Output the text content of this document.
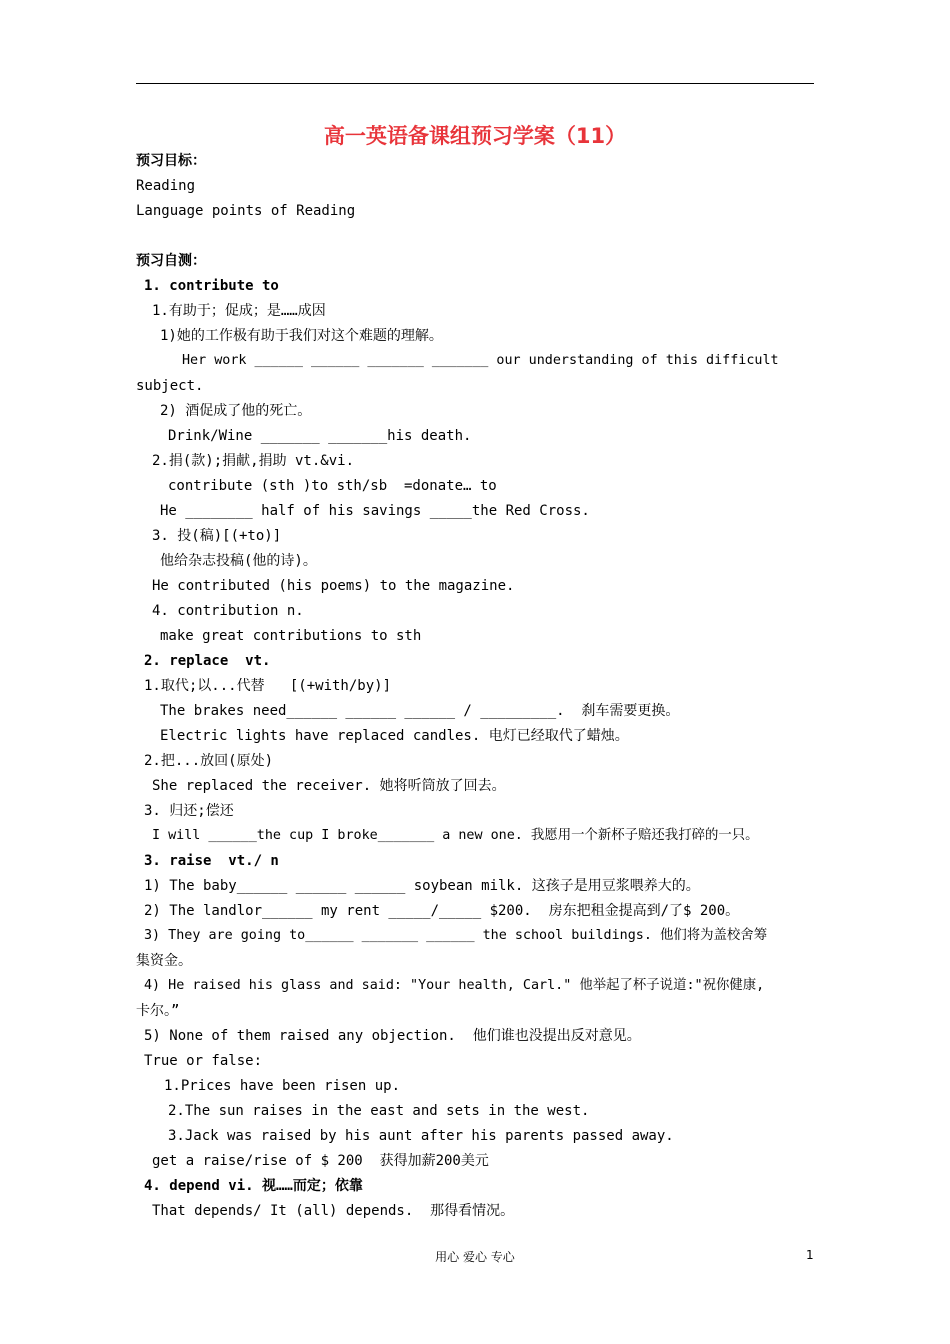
高一英语备课组预习学案（11）
预习目标：
Reading
Language points of Reading
预习自测：
1. contribute to
1.有助于；促成；是……成因
1)她的工作极有助于我们对这个难题的理解。
Her work ______ ______ _______ _______ our understanding of this difficult
subject.
2) 酒促成了他的死亡。
Drink/Wine _______ _______his death.
2.捐(款);捐献,捐助 vt.&vi.
contribute (sth )to sth/sb  =donate… to
He ________ half of his savings _____the Red Cross.
3. 投(稿)[(+to)]
他给杂志投稿(他的诗)。
He contributed (his poems) to the magazine.
4. contribution n.
make great contributions to sth
2. replace  vt.
1.取代;以...代替   [(+with/by)]
The brakes need______ ______ ______ / _________.  刹车需要更换。
Electric lights have replaced candles. 电灯已经取代了蜡烛。
2.把...放回(原处)
She replaced the receiver. 她将听筒放了回去。
3. 归还;偿还
I will ______the cup I broke_______ a new one. 我愿用一个新杯子赔还我打碎的一只。
3. raise  vt./ n
1) The baby______ ______ ______ soybean milk. 这孩子是用豆浆喂养大的。
2) The landlor______ my rent _____/_____ $200.  房东把租金提高到/了$ 200。
3) They are going to______ _______ ______ the school buildings. 他们将为盖校舍筹
集资金。
4) He raised his glass and said: "Your health, Carl." 他举起了杯子说道:"祝你健康,
卡尔。”
5) None of them raised any objection.  他们谁也没提出反对意见。
True or false:
1.Prices have been risen up.
2.The sun raises in the east and sets in the west.
3.Jack was raised by his aunt after his parents passed away.
get a raise/rise of $ 200  获得加薪200美元
4. depend vi. 视……而定；依靠
That depends/ It (all) depends.  那得看情况。
用心 爱心 专心	1
